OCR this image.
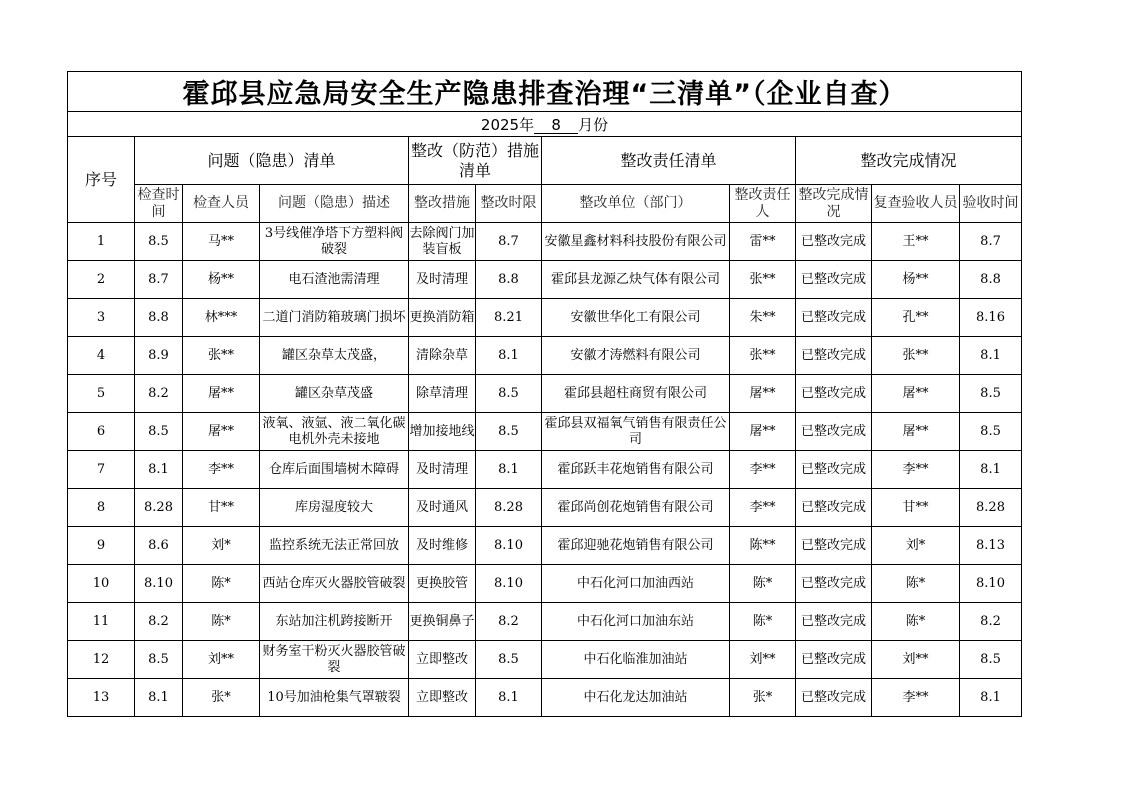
霍邱县应急局安全生产隐患排查治理“三清单”（企业自查）										
2025年 8 月份										
序号	问题（隐患）清单			整改（防范）措施清单		整改责任清单		整改完成情况		
	检查时间	检查人员	问题（隐患）描述	整改措施	整改时限	整改单位（部门）	整改责任人	整改完成情况	复查验收人员	验收时间
1	8.5	马**	3号线催净塔下方塑料阀破裂	去除阀门加装盲板	8.7	安徽星鑫材料科技股份有限公司	雷**	已整改完成	王**	8.7
2	8.7	杨**	电石渣池需清理	及时清理	8.8	霍邱县龙源乙炔气体有限公司	张**	已整改完成	杨**	8.8
3	8.8	林***	二道门消防箱玻璃门损坏	更换消防箱	8.21	安徽世华化工有限公司	朱**	已整改完成	孔**	8.16
4	8.9	张**	罐区杂草太茂盛，	清除杂草	8.1	安徽才涛燃料有限公司	张**	已整改完成	张**	8.1
5	8.2	屠**	罐区杂草茂盛	除草清理	8.5	霍邱县超柱商贸有限公司	屠**	已整改完成	屠**	8.5
6	8.5	屠**	液氧、液氩、液二氧化碳电机外壳未接地	增加接地线	8.5	霍邱县双福氧气销售有限责任公司	屠**	已整改完成	屠**	8.5
7	8.1	李**	仓库后面围墙树木障碍	及时清理	8.1	霍邱跃丰花炮销售有限公司	李**	已整改完成	李**	8.1
8	8.28	甘**	库房湿度较大	及时通风	8.28	霍邱尚创花炮销售有限公司	李**	已整改完成	甘**	8.28
9	8.6	刘*	监控系统无法正常回放	及时维修	8.10	霍邱迎驰花炮销售有限公司	陈**	已整改完成	刘*	8.13
10	8.10	陈*	西站仓库灭火器胶管破裂	更换胶管	8.10	中石化河口加油西站	陈*	已整改完成	陈*	8.10
11	8.2	陈*	东站加注机跨接断开	更换铜鼻子	8.2	中石化河口加油东站	陈*	已整改完成	陈*	8.2
12	8.5	刘**	财务室干粉灭火器胶管破裂	立即整改	8.5	中石化临淮加油站	刘**	已整改完成	刘**	8.5
13	8.1	张*	10号加油枪集气罩皲裂	立即整改	8.1	中石化龙达加油站	张*	已整改完成	李**	8.1
